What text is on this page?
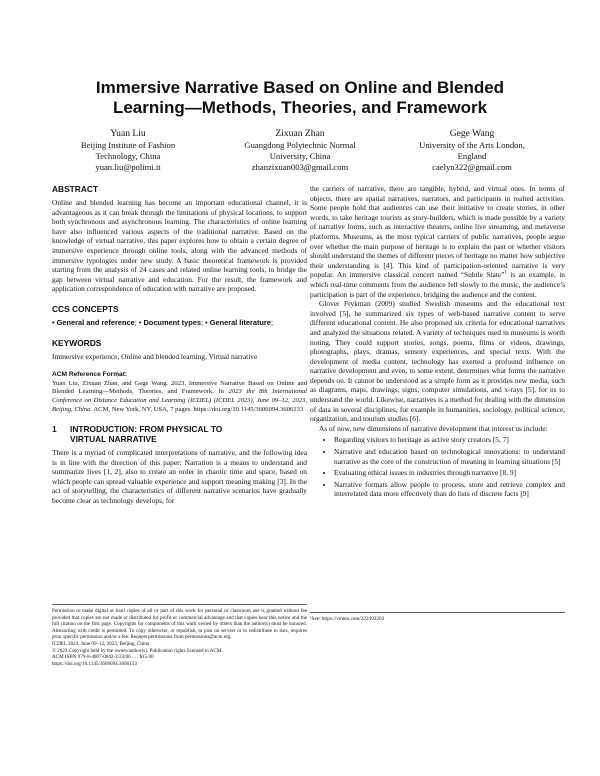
Immersive Narrative Based on Online and Blended Learning—Methods, Theories, and Framework
Yuan Liu
Beijing Institute of Fashion
Technology, China
yuan.liu@polimi.it
Zixuan Zhan
Guangdong Polytechnic Normal
University, China
zhanzixuan003@gmail.com
Gege Wang
University of the Arts London,
England
caelyn322@gmail.com
ABSTRACT

Online and blended learning has become an important educational channel, it is advantageous as it can break through the limitations of physical locations, to support both synchronous and asynchronous learning. The characteristics of online learning have also influenced various aspects of the traditional narrative. Based on the knowledge of virtual narrative, this paper explores how to obtain a certain degree of immersive experience through online tools, along with the advanced methods of immersive typologies under new study. A basic theoretical framework is provided starting from the analysis of 24 cases and related online learning tools, to bridge the gap between virtual narrative and education. For the result, the framework and application correspondence of education with narrative are proposed.

CCS CONCEPTS

• General and reference; • Document types; • General literature;

KEYWORDS

Immersive experience, Online and blended learning, Virtual narrative

ACM Reference Format:

Yuan Liu, Zixuan Zhan, and Gege Wang. 2023. Immersive Narrative Based on Online and Blended Learning—Methods, Theories, and Framework. In 2023 the 8th International Conference on Distance Education and Learning (ICDEL) (ICDEL 2023), June 09–12, 2023, Beijing, China. ACM, New York, NY, USA, 7 pages. https://doi.org/10.1145/3606094.3606133

1	INTRODUCTION: FROM PHYSICAL TO
VIRTUAL NARRATIVE

There is a myriad of complicated interpretations of narrative, and the following idea is in line with the direction of this paper: Narration is a means to understand and summarize lives [1, 2], also to create an order in chaotic time and space, based on which people can spread valuable experience and support meaning making [3]. In the act of storytelling, the characteristics of different narrative scenarios have gradually become clear as technology develops, for

Permission to make digital or hard copies of all or part of this work for personal or classroom use is granted without fee provided that copies are not made or distributed for profit or commercial advantage and that copies bear this notice and the full citation on the first page. Copyrights for components of this work owned by others than the author(s) must be honored. Abstracting with credit is permitted. To copy otherwise, or republish, to post on servers or to redistribute to lists, requires prior specific permission and/or a fee. Request permissions from permissions@acm.org.
ICDEL 2023, June 09–12, 2023, Beijing, China
© 2023 Copyright held by the owner/author(s). Publication rights licensed to ACM.
ACM ISBN 979-8-4007-0042-2/23/06 . . . $15.00
https://doi.org/10.1145/3606094.3606133

the carriers of narrative, there are tangible, hybrid, and virtual ones. In terms of objects, there are spatial narratives, narrators, and participants in realted activities. Some people hold that audiences can use their initiative to create stories, in other words, to take heritage tourists as story-builders, which is made possible by a variety of narrative forms, such as interactive theaters, online live streaming, and metaverse platforms. Museums, as the most typical carriers of public narratives, people argue over whether the main purpose of heritage is to explain the past or whether visitors should understand the themes of different pieces of heritage no matter how subjective their understanding is [4]. This kind of participation-oriented narrative is very popular. An immersive classical concert named “Subtle State”$^1$ is an example, in which real-time comments from the audience fell slowly to the music, the audience’s participation is part of the experience, bridging the audience and the content.

Glover Frykman (2009) studied Swedish museums and the educational text involved [5], he summarized six types of web-based narrative content to serve different educational content. He also proposed six criteria for educational narratives and analyzed the situations related. A variety of techniques used in museums is worth noting, They could support stories, songs, poems, films or videos, drawings, photographs, plays, dramas, sensory experiences, and special texts. With the development of media content, technology has exerted a profound influence on narrative development and even, to some extent, determines what forms the narrative depends on. It cannot be understood as a simple form as it provides new media, such as diagrams, maps, drawings, signs, computer simulations, and x-rays [5], for us to understand the world. Likewise, narratives is a method for dealing with the dimension of data in several disciplines, for example in humanities, sociology, political science, organization, and tourism studies [6].

As of now, new dimensions of narrative development that interest us include:

• Regarding visitors to heritage as active story creators [5, 7]
• Narrative and education based on technological innovations: to understand narrative as the core of the construction of meaning in learning situations [5]
• Evaluating ethical issues in industries through narrative [8, 9]
• Narrative formats allow people to process, store and retrieve complex and interrelated data more effectively than do lists of discrete facts [9]
¹See: https://vimeo.com/222493203
